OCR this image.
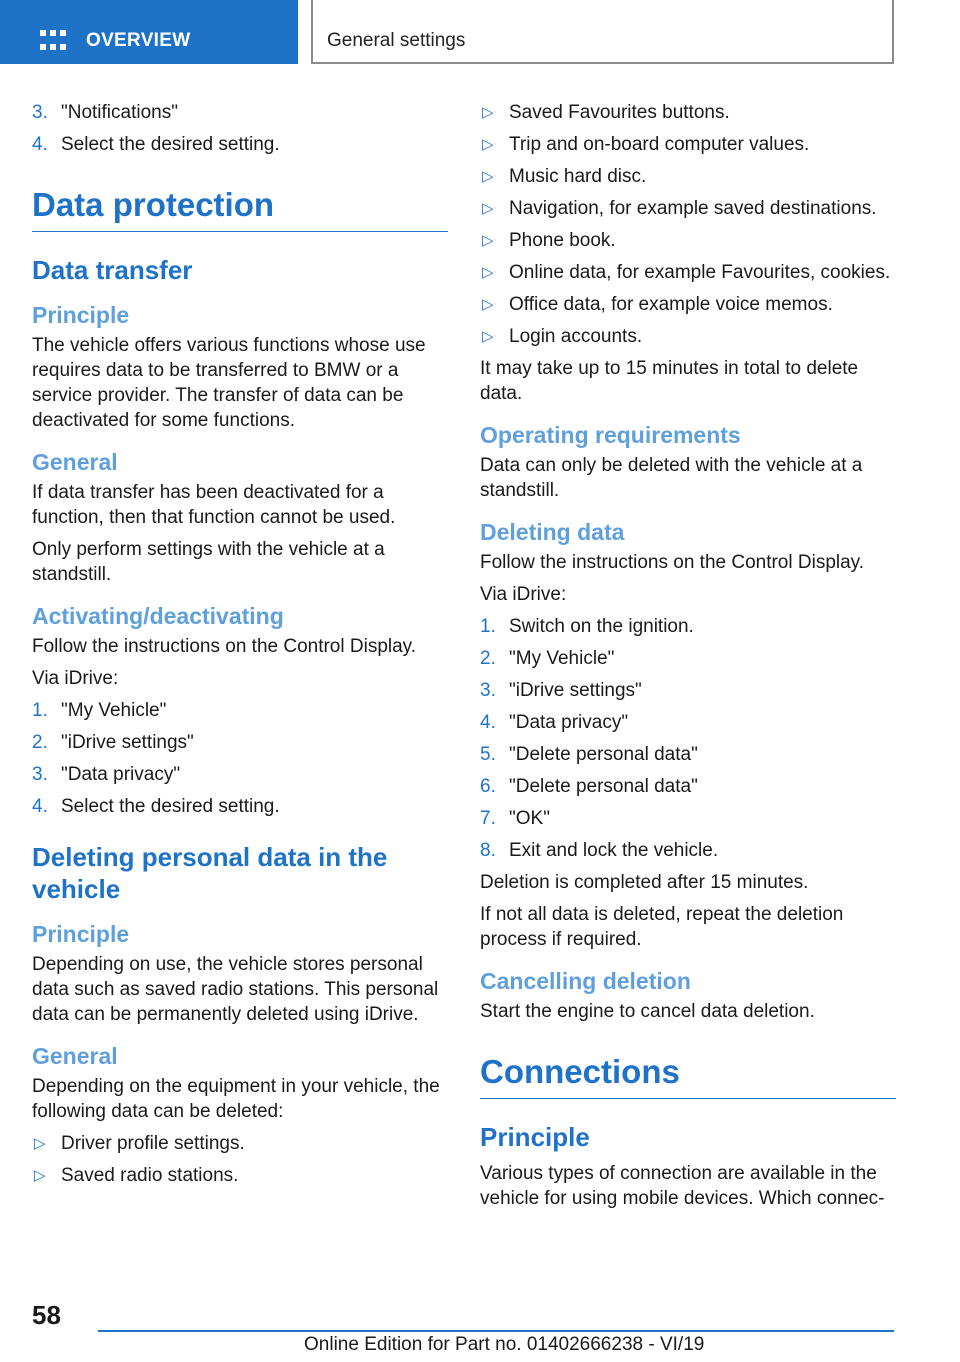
OVERVIEW	General settings
3. "Notifications"
4. Select the desired setting.
Data protection
Data transfer
Principle
The vehicle offers various functions whose use requires data to be transferred to BMW or a service provider. The transfer of data can be deactivated for some functions.
General
If data transfer has been deactivated for a function, then that function cannot be used.
Only perform settings with the vehicle at a standstill.
Activating/deactivating
Follow the instructions on the Control Display.
Via iDrive:
1. "My Vehicle"
2. "iDrive settings"
3. "Data privacy"
4. Select the desired setting.
Deleting personal data in the vehicle
Principle
Depending on use, the vehicle stores personal data such as saved radio stations. This personal data can be permanently deleted using iDrive.
General
Depending on the equipment in your vehicle, the following data can be deleted:
▷ Driver profile settings.
▷ Saved radio stations.
▷ Saved Favourites buttons.
▷ Trip and on-board computer values.
▷ Music hard disc.
▷ Navigation, for example saved destinations.
▷ Phone book.
▷ Online data, for example Favourites, cookies.
▷ Office data, for example voice memos.
▷ Login accounts.
It may take up to 15 minutes in total to delete data.
Operating requirements
Data can only be deleted with the vehicle at a standstill.
Deleting data
Follow the instructions on the Control Display.
Via iDrive:
1. Switch on the ignition.
2. "My Vehicle"
3. "iDrive settings"
4. "Data privacy"
5. "Delete personal data"
6. "Delete personal data"
7. "OK"
8. Exit and lock the vehicle.
Deletion is completed after 15 minutes.
If not all data is deleted, repeat the deletion process if required.
Cancelling deletion
Start the engine to cancel data deletion.
Connections
Principle
Various types of connection are available in the vehicle for using mobile devices. Which connec-
58
Online Edition for Part no. 01402666238 - VI/19
